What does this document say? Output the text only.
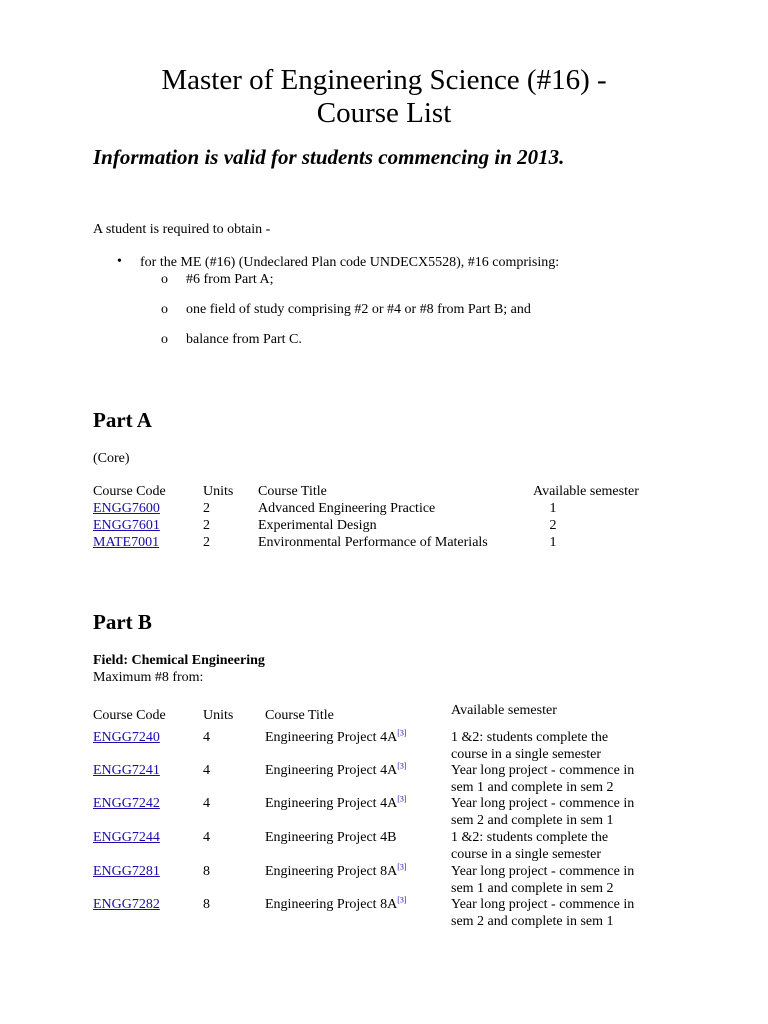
Master of Engineering Science (#16) -
Course List
Information is valid for students commencing in 2013.
A student is required to obtain -
• for the ME (#16) (Undeclared Plan code UNDECX5528), #16 comprising:
o #6 from Part A;
o one field of study comprising #2 or #4 or #8 from Part B; and
o balance from Part C.
Part A
(Core)
Course Code	Units Course Title	Available semester
ENGG7600	2	Advanced Engineering Practice	1
ENGG7601	2	Experimental Design	2
MATE7001	2	Environmental Performance of Materials	1
Part B
Field: Chemical Engineering
Maximum #8 from:
Course Code	Units Course Title	Available semester
ENGG7240	4	Engineering Project 4A[3]	1 &2: students complete the
course in a single semester
ENGG7241	4	Engineering Project 4A[3]	Year long project - commence in
sem 1 and complete in sem 2
ENGG7242	4	Engineering Project 4A[3]	Year long project - commence in
sem 2 and complete in sem 1
ENGG7244	4	Engineering Project 4B	1 &2: students complete the
course in a single semester
ENGG7281	8	Engineering Project 8A[3]	Year long project - commence in
sem 1 and complete in sem 2
ENGG7282	8	Engineering Project 8A[3]	Year long project - commence in
sem 2 and complete in sem 1
